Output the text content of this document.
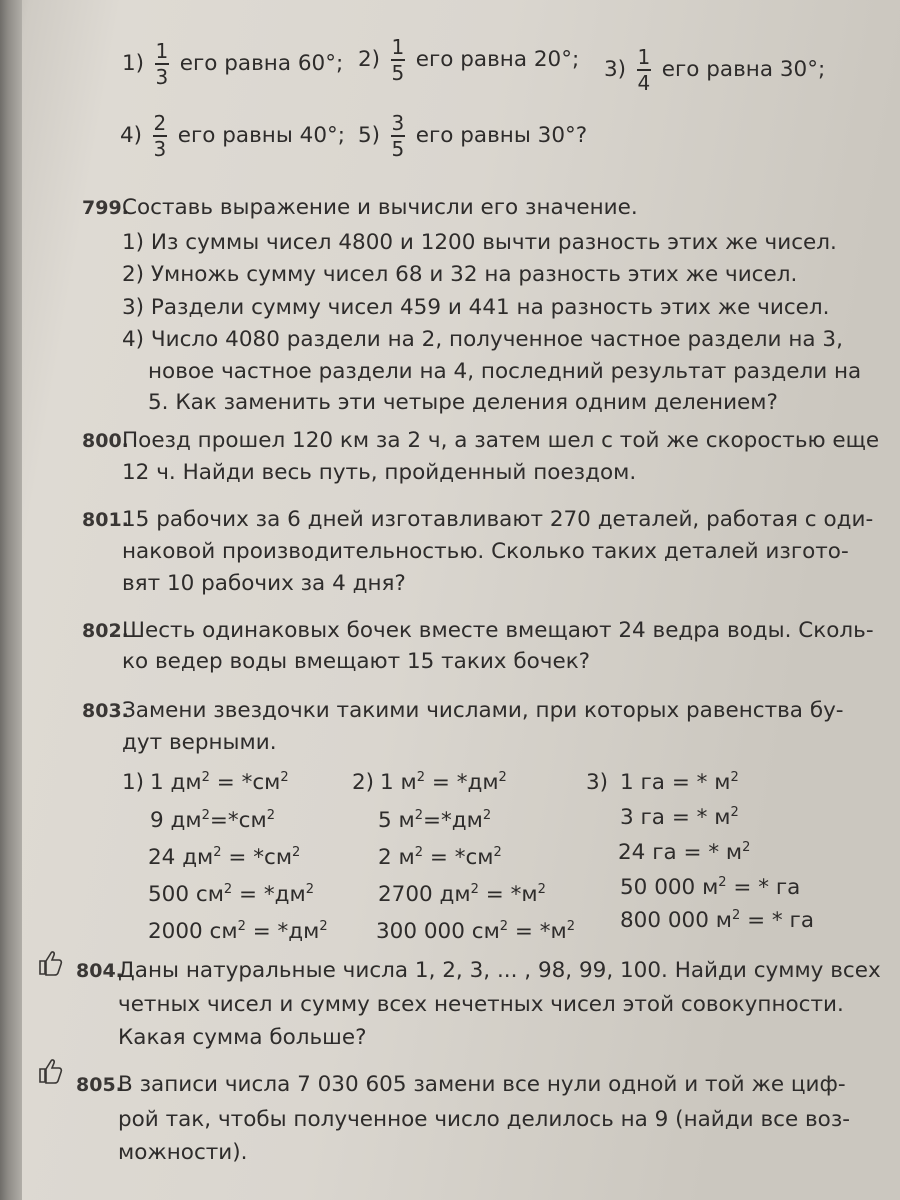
$1) \frac{1}{3}$ его равна 60°; $2) \frac{1}{5}$ его равна 20°; $3) \frac{1}{4}$ его равна 30°;
$4) \frac{2}{3}$ его равны 40°; $5) \frac{3}{5}$ его равны 30°?
799.
Составь выражение и вычисли его значение.
1) Из суммы чисел 4800 и 1200 вычти разность этих же чисел.
2) Умножь сумму чисел 68 и 32 на разность этих же чисел.
3) Раздели сумму чисел 459 и 441 на разность этих же чисел.
4) Число 4080 раздели на 2, полученное частное раздели на 3,
новое частное раздели на 4, последний результат раздели на
5. Как заменить эти четыре деления одним делением?
800.
Поезд прошел 120 км за 2 ч, а затем шел с той же скоростью еще
12 ч. Найди весь путь, пройденный поездом.
801.
15 рабочих за 6 дней изготавливают 270 деталей, работая с оди-
наковой производительностью. Сколько таких деталей изгото-
вят 10 рабочих за 4 дня?
802.
Шесть одинаковых бочек вместе вмещают 24 ведра воды. Сколь-
ко ведер воды вмещают 15 таких бочек?
803.
Замени звездочки такими числами, при которых равенства бу-
дут верными.
1) 1 $дм^2 = *см^2$
9 $дм^2=*см^2$
24 $дм^2 = *см^2$
500 $см^2 = *дм^2$
2000 $см^2 = *дм^2$
2) 1 $м^2 = *дм^2$
5 $м^2=*дм^2$
2 $м^2 = *см^2$
2700 $дм^2 = *м^2$
300 000 $см^2 = *м^2$
3) 1 га = * $м^2$
3 га = * $м^2$
24 га = * $м^2$
50 000 $м^2$ = * га
800 000 $м^2$ = * га
804.
Даны натуральные числа 1, 2, 3, ... , 98, 99, 100. Найди сумму всех
четных чисел и сумму всех нечетных чисел этой совокупности.
Какая сумма больше?
805.
В записи числа 7 030 605 замени все нули одной и той же циф-
рой так, чтобы полученное число делилось на 9 (найди все воз-
можности).
